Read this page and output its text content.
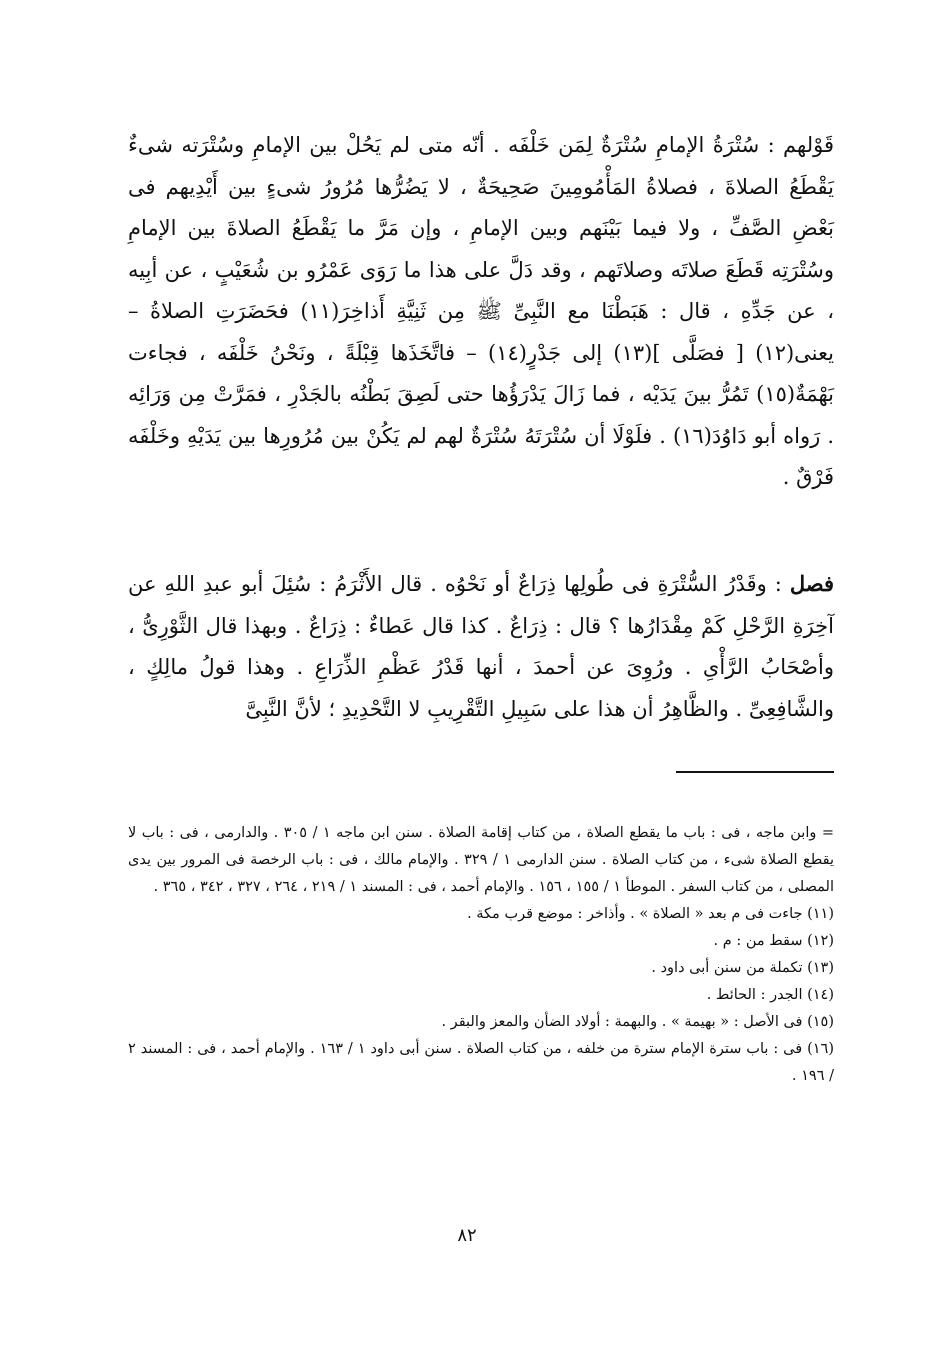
قَوْلهم : سُتْرَةُ الإمامِ سُتْرَةٌ لِمَن خَلْفَه . أنّه متى لم يَحُلْ بين الإمامِ وسُتْرَته شىءٌ يَقْطَعُ الصلاةَ ، فصلاةُ المَأْمُومِينَ صَحِيحَةٌ ، لا يَضُرُّها مُرُورُ شىءٍ بين أَيْدِيهم فى بَعْضِ الصَّفِّ ، ولا فيما بَيْنَهم وبين الإمامِ ، وإن مَرَّ ما يَقْطَعُ الصلاةَ بين الإمامِ وسُتْرَتِه قَطَعَ صلاتَه وصلاتَهم ، وقد دَلَّ على هذا ما رَوَى عَمْرُو بن شُعَيْبٍ ، عن أبِيه ، عن جَدِّهِ ، قال : هَبَطْنَا مع النَّبِىِّ ﷺ مِن ثَنِيَّةِ أَذاخِرَ(١١) فحَضَرَتِ الصلاةُ – يعنى(١٢) [ فصَلَّى ](١٣) إلى جَدْرٍ(١٤) – فاتَّخَذَها قِبْلَةً ، ونَحْنُ خَلْفَه ، فجاءت بَهْمَةٌ(١٥) تَمُرُّ بينَ يَدَيْه ، فما زَالَ يَدْرَؤُها حتى لَصِقَ بَطْنُه بالجَدْرِ ، فمَرَّتْ مِن وَرَائِه . رَواه أبو دَاوُدَ(١٦) . فلَوْلَا أن سُتْرَتَهُ سُتْرَةٌ لهم لم يَكُنْ بين مُرُورِها بين يَدَيْهِ وخَلْفَه فَرْقٌ .

فصل : وقَدْرُ السُّتْرَةِ فى طُولِها ذِرَاعٌ أو نَحْوُه . قال الأَثْرَمُ : سُئِلَ أبو عبدِ اللهِ عن آخِرَةِ الرَّحْلِ كَمْ مِقْدَارُها ؟ قال : ذِرَاعٌ . كذا قال عَطاءٌ : ذِرَاعٌ . وبهذا قال الثَّوْرِىُّ ، وأصْحَابُ الرَّأْىِ . ورُوِىَ عن أحمدَ ، أنها قَدْرُ عَظْمِ الذِّرَاعِ . وهذا قولُ مالِكٍ ، والشَّافِعِىِّ . والظَّاهِرُ أن هذا على سَبِيلِ التَّقْرِيبِ لا التَّحْدِيدِ ؛ لأنَّ النَّبِىَّ

= وابن ماجه ، فى : باب ما يقطع الصلاة ، من كتاب إقامة الصلاة . سنن ابن ماجه ١ / ٣٠٥ . والدارمى ، فى : باب لا يقطع الصلاة شىء ، من كتاب الصلاة . سنن الدارمى ١ / ٣٢٩ . والإمام مالك ، فى : باب الرخصة فى المرور بين يدى المصلى ، من كتاب السفر . الموطأ ١ / ١٥٥ ، ١٥٦ . والإمام أحمد ، فى : المسند ١ / ٢١٩ ، ٢٦٤ ، ٣٢٧ ، ٣٤٢ ، ٣٦٥ .

(١١) جاءت فى م بعد « الصلاة » . وأذاخر : موضع قرب مكة .

(١٢) سقط من : م .

(١٣) تكملة من سنن أبى داود .

(١٤) الجدر : الحائط .

(١٥) فى الأصل : « بهيمة » . والبهمة : أولاد الضأن والمعز والبقر .

(١٦) فى : باب سترة الإمام سترة من خلفه ، من كتاب الصلاة . سنن أبى داود ١ / ١٦٣ . والإمام أحمد ، فى : المسند ٢ / ١٩٦ .

٨٢
